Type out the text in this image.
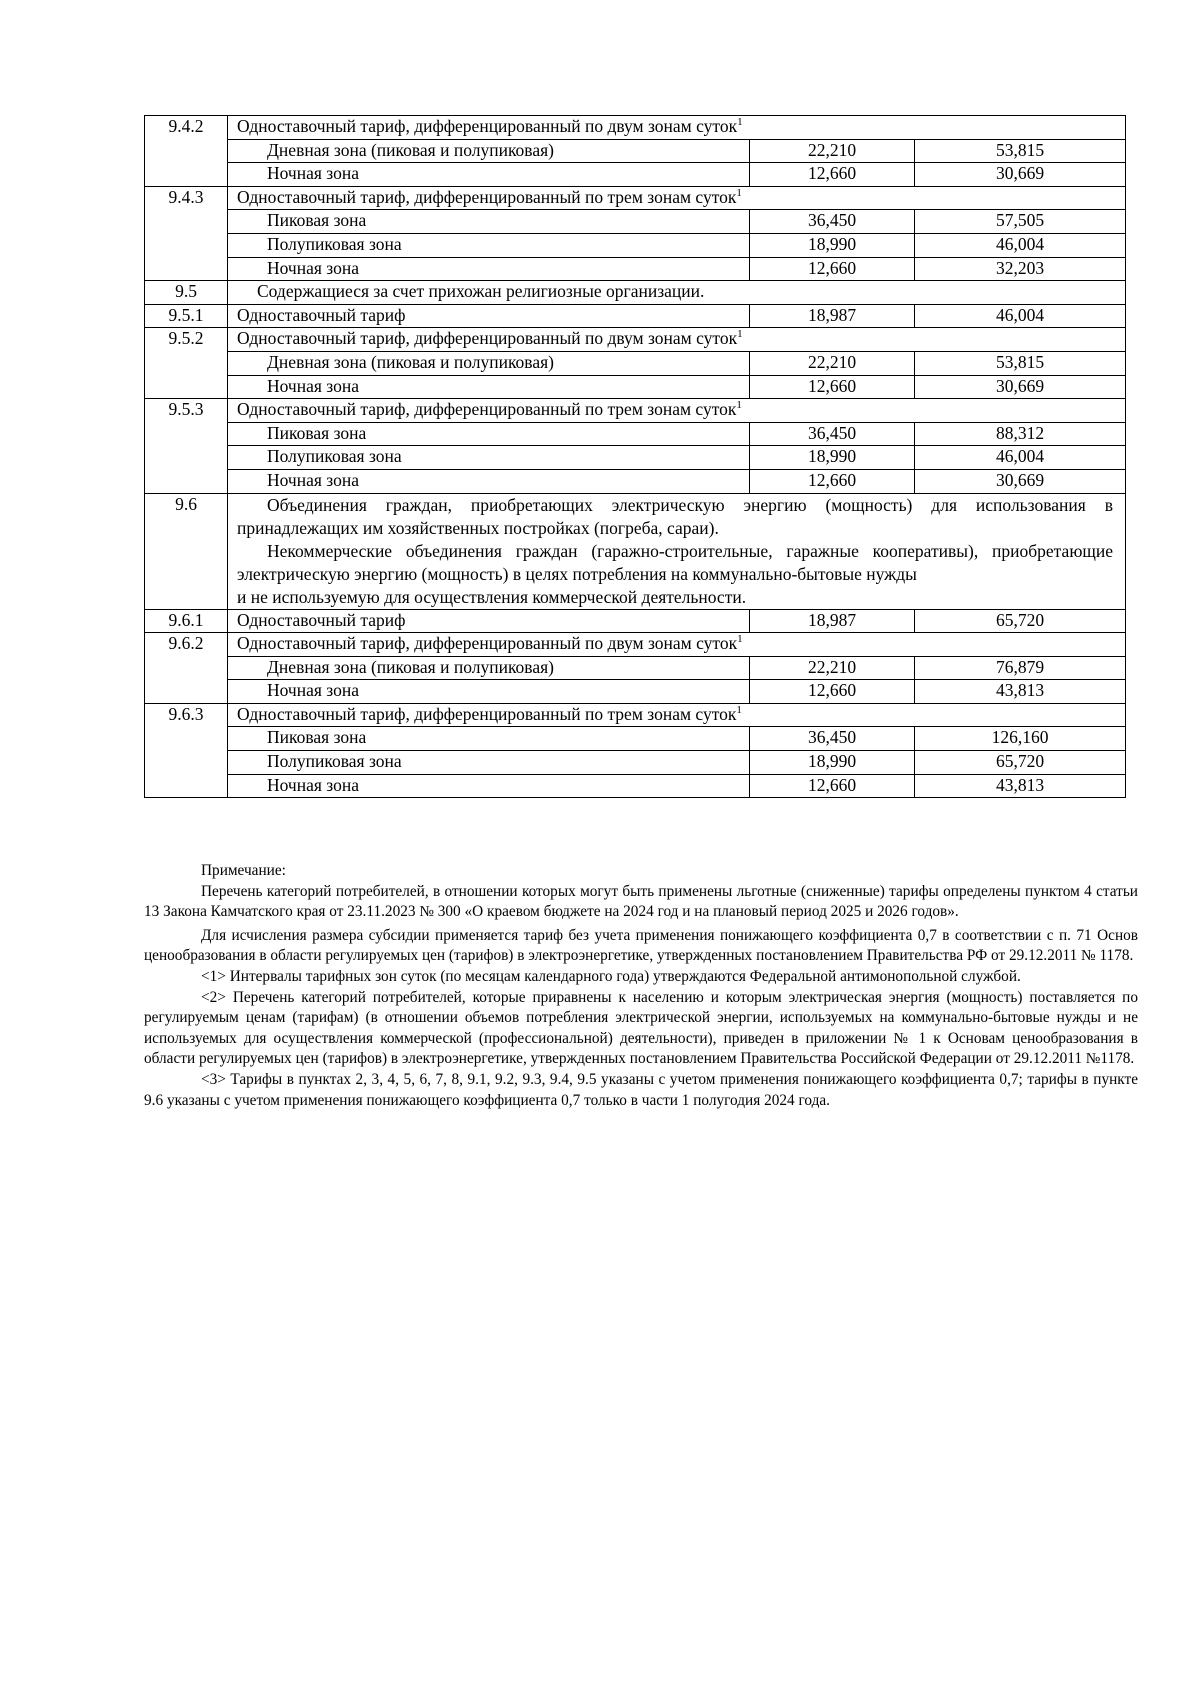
9.4.2	Одноставочный тариф, дифференцированный по двум зонам суток$^1$
	Дневная зона (пиковая и полупиковая)	22,210	53,815
	Ночная зона	12,660	30,669
9.4.3	Одноставочный тариф, дифференцированный по трем зонам суток$^1$
	Пиковая зона	36,450	57,505
	Полупиковая зона	18,990	46,004
	Ночная зона	12,660	32,203
9.5	Содержащиеся за счет прихожан религиозные организации.		
9.5.1	Одноставочный тариф	18,987	46,004
9.5.2	Одноставочный тариф, дифференцированный по двум зонам суток$^1$
	Дневная зона (пиковая и полупиковая)	22,210	53,815
	Ночная зона	12,660	30,669
9.5.3	Одноставочный тариф, дифференцированный по трем зонам суток$^1$
	Пиковая зона	36,450	88,312
	Полупиковая зона	18,990	46,004
	Ночная зона	12,660	30,669
9.6	Объединения граждан, приобретающих электрическую энергию (мощность) для использования в принадлежащих им хозяйственных постройках (погреба, сараи).

Некоммерческие объединения граждан (гаражно-строительные, гаражные кооперативы), приобретающие электрическую энергию (мощность) в целях потребления на коммунально-бытовые нужды

и не используемую для осуществления коммерческой деятельности.		

9.6.1	Одноставочный тариф	18,987	65,720
9.6.2	Одноставочный тариф, дифференцированный по двум зонам суток$^1$
	Дневная зона (пиковая и полупиковая)	22,210	76,879
	Ночная зона	12,660	43,813
9.6.3	Одноставочный тариф, дифференцированный по трем зонам суток$^1$
	Пиковая зона	36,450	126,160
	Полупиковая зона	18,990	65,720
	Ночная зона	12,660	43,813

Примечание:

Перечень категорий потребителей, в отношении которых могут быть применены льготные (сниженные) тарифы определены пунктом 4 статьи 13 Закона Камчатского края от 23.11.2023 № 300 «О краевом бюджете на 2024 год и на плановый период 2025 и 2026 годов».

Для исчисления размера субсидии применяется тариф без учета применения понижающего коэффициента 0,7 в соответствии с п. 71 Основ ценообразования в области регулируемых цен (тарифов) в электроэнергетике, утвержденных постановлением Правительства РФ от 29.12.2011 № 1178.

<1> Интервалы тарифных зон суток (по месяцам календарного года) утверждаются Федеральной антимонопольной службой.

<2> Перечень категорий потребителей, которые приравнены к населению и которым электрическая энергия (мощность) поставляется по регулируемым ценам (тарифам) (в отношении объемов потребления электрической энергии, используемых на коммунально-бытовые нужды и не используемых для осуществления коммерческой (профессиональной) деятельности), приведен в приложении № 1 к Основам ценообразования в области регулируемых цен (тарифов) в электроэнергетике, утвержденных постановлением Правительства Российской Федерации от 29.12.2011 №1178.

<3> Тарифы в пунктах 2, 3, 4, 5, 6, 7, 8, 9.1, 9.2, 9.3, 9.4, 9.5 указаны с учетом применения понижающего коэффициента 0,7; тарифы в пункте 9.6 указаны с учетом применения понижающего коэффициента 0,7 только в части 1 полугодия 2024 года.
